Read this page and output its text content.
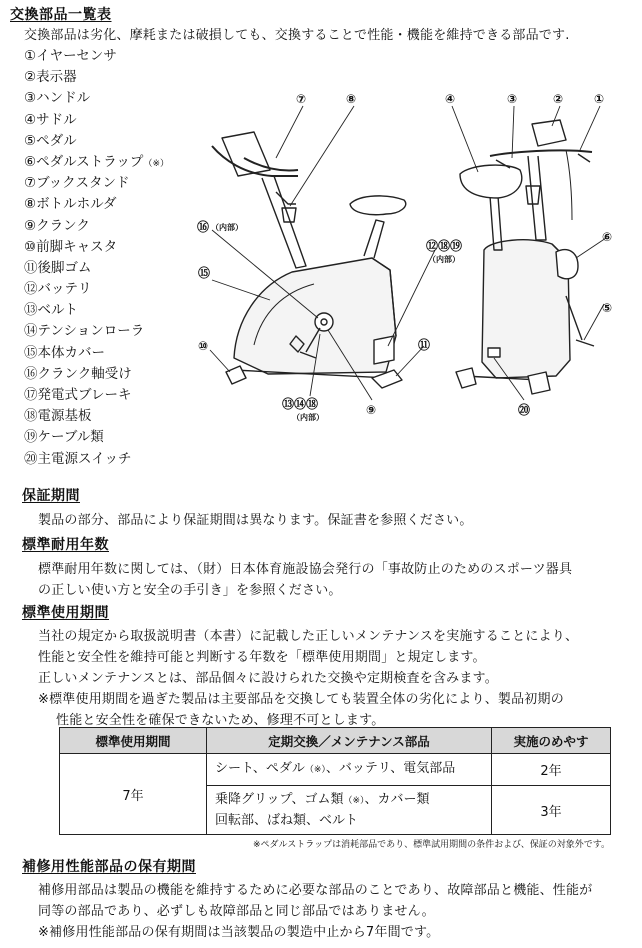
交換部品一覧表
交換部品は劣化、摩耗または破損しても、交換することで性能・機能を維持できる部品です.
①イヤーセンサ
②表示器
③ハンドル
④サドル
⑤ペダル
⑥ペダルストラップ（※）
⑦ブックスタンド
⑧ボトルホルダ
⑨クランク
⑩前脚キャスタ
⑪後脚ゴム
⑫バッテリ
⑬ベルト
⑭テンションローラ
⑮本体カバー
⑯クランク軸受け
⑰発電式ブレーキ
⑱電源基板
⑲ケーブル類
⑳主電源スイッチ
⑦	⑧
⑯ （内部）
⑮
⑩
⑬⑭⑱
（内部）
⑨
⑫⑱⑲
（内部）
⑪
④	③	②	①
⑥
⑤
⑳
保証期間
製品の部分、部品により保証期間は異なります。保証書を参照ください。
標準耐用年数
標準耐用年数に関しては、（財）日本体育施設協会発行の「事故防止のためのスポーツ器具
の正しい使い方と安全の手引き」を参照ください。
標準使用期間
当社の規定から取扱説明書（本書）に記載した正しいメンテナンスを実施することにより、
性能と安全性を維持可能と判断する年数を「標準使用期間」と規定します。
正しいメンテナンスとは、部品個々に設けられた交換や定期検査を含みます。
※標準使用期間を過ぎた製品は主要部品を交換しても装置全体の劣化により、製品初期の
性能と安全性を確保できないため、修理不可とします。
標準使用期間	定期交換／メンテナンス部品	実施のめやす
7年	シート、ペダル（※）、バッテリ、電気部品	2年
	乗降グリップ、ゴム類（※）、カバー類
回転部、ばね類、ベルト	3年
※ペダルストラップは消耗部品であり、標準試用期間の条件および、保証の対象外です。
補修用性能部品の保有期間
補修用部品は製品の機能を維持するために必要な部品のことであり、故障部品と機能、性能が
同等の部品であり、必ずしも故障部品と同じ部品ではありません。
※補修用性能部品の保有期間は当該製品の製造中止から7年間です。
